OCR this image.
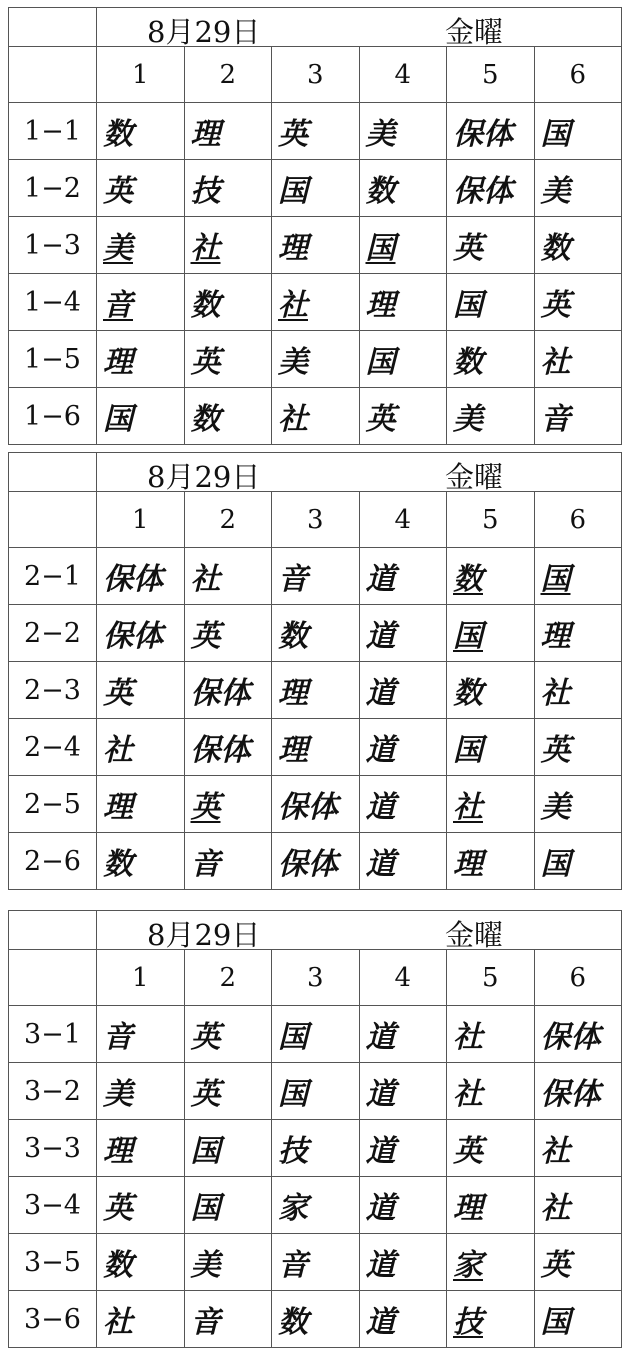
	8月29日 金曜					

	1	2	3	4	5	6
1−1	数	理	英	美	保体	国
1−2	英	技	国	数	保体	美
1−3	美	社	理	国	英	数
1−4	音	数	社	理	国	英
1−5	理	英	美	国	数	社
1−6	国	数	社	英	美	音

	8月29日 金曜					

	1	2	3	4	5	6
2−1	保体	社	音	道	数	国
2−2	保体	英	数	道	国	理
2−3	英	保体	理	道	数	社
2−4	社	保体	理	道	国	英
2−5	理	英	保体	道	社	美
2−6	数	音	保体	道	理	国

	8月29日 金曜					

	1	2	3	4	5	6
3−1	音	英	国	道	社	保体
3−2	美	英	国	道	社	保体
3−3	理	国	技	道	英	社
3−4	英	国	家	道	理	社
3−5	数	美	音	道	家	英
3−6	社	音	数	道	技	国
